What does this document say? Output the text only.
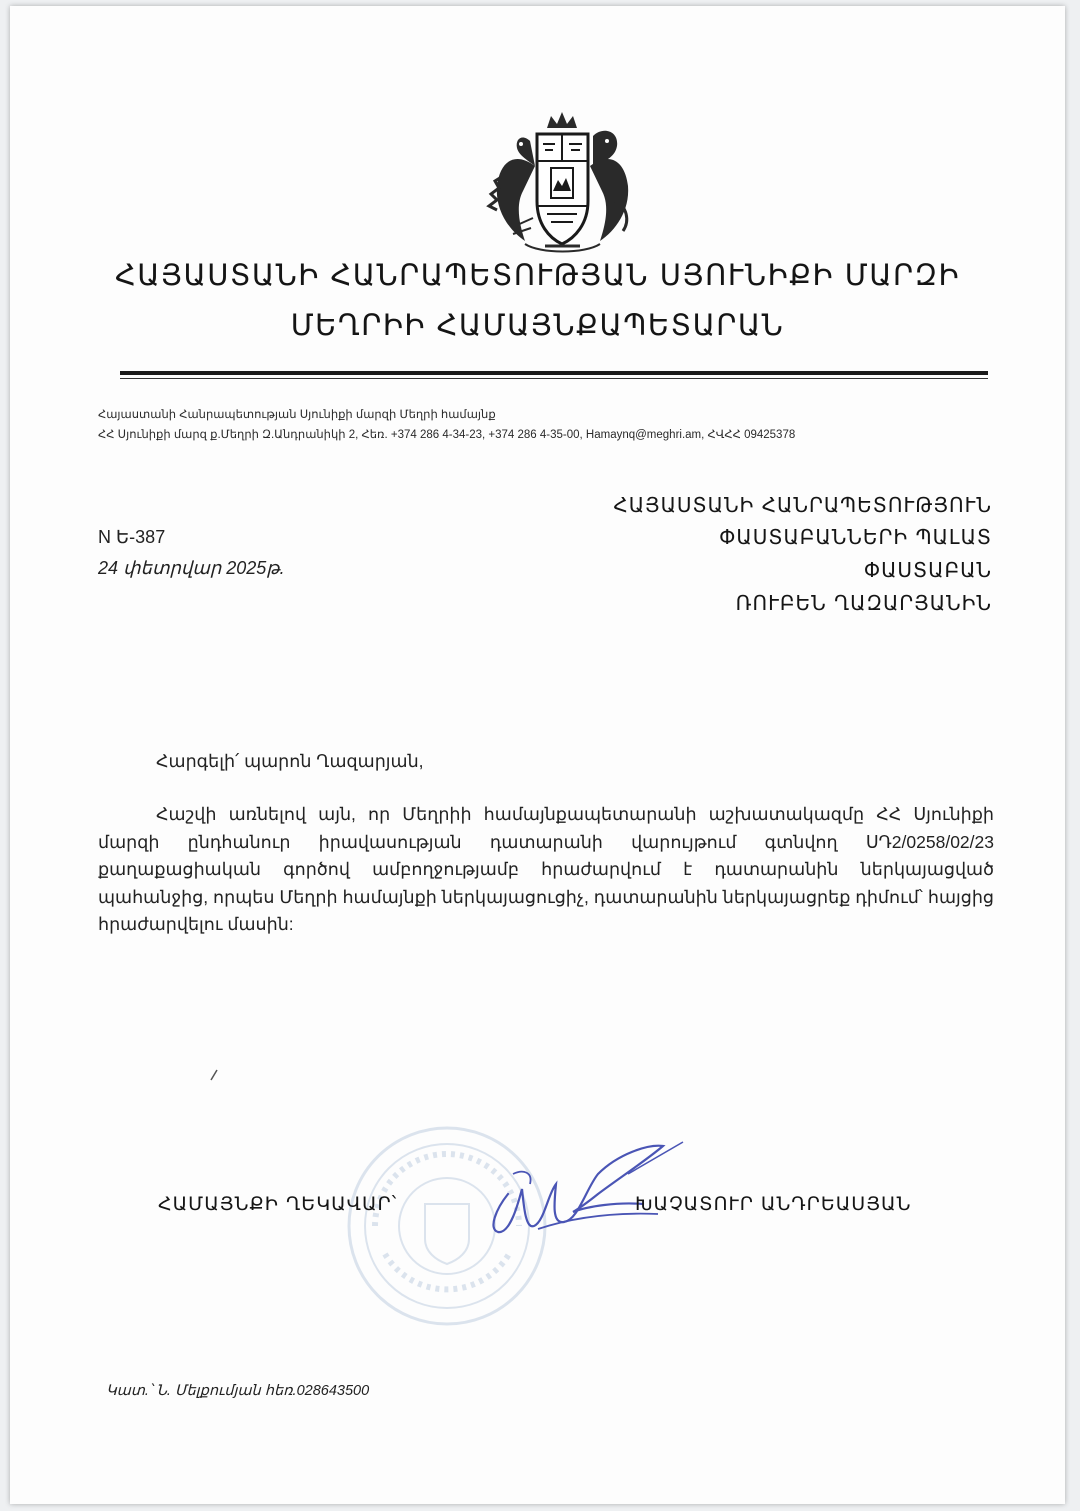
ՀԱՅԱՍՏԱՆԻ ՀԱՆՐԱՊԵՏՈՒԹՅԱՆ ՍՅՈՒՆԻՔԻ ՄԱՐԶԻ
ՄԵՂՐԻԻ ՀԱՄԱՅՆՔԱՊԵՏԱՐԱՆ
Հայաստանի Հանրապետության Սյունիքի մարզի Մեղրի համայնք
ՀՀ Սյունիքի մարզ ք.Մեղրի Զ.Անդրանիկի 2, Հեռ. +374 286 4-34-23, +374 286 4-35-00, Hamaynq@meghri.am, ՀՎՀՀ 09425378
ՀԱՅԱՍՏԱՆԻ ՀԱՆՐԱՊԵՏՈՒԹՅՈՒՆ
ՓԱՍՏԱԲԱՆՆԵՐԻ ՊԱԼԱՏ
ՓԱՍՏԱԲԱՆ
ՌՈՒԲԵՆ ՂԱԶԱՐՅԱՆԻՆ
N Ե-387
24 փետրվար 2025թ.
Հարգելի՛ պարոն Ղազարյան,
Հաշվի առնելով այն, որ Մեղրիի համայնքապետարանի աշխատակազմը ՀՀ Սյունիքի մարզի ընդհանուր իրավասության դատարանի վարույթում գտնվող ՍԴ2/0258/02/23 քաղաքացիական գործով ամբողջությամբ հրաժարվում է դատարանին ներկայացված պահանջից, որպես Մեղրի համայնքի ներկայացուցիչ, դատարանին ներկայացրեք դիմում՝ հայցից հրաժարվելու մասին:
ՀԱՄԱՅՆՔԻ ՂԵԿԱՎԱՐ՝	ԽԱՉԱՏՈՒՐ ԱՆԴՐԵԱՍՅԱՆ
Կատ.՝ Ն. Մելքումյան հեռ.028643500
